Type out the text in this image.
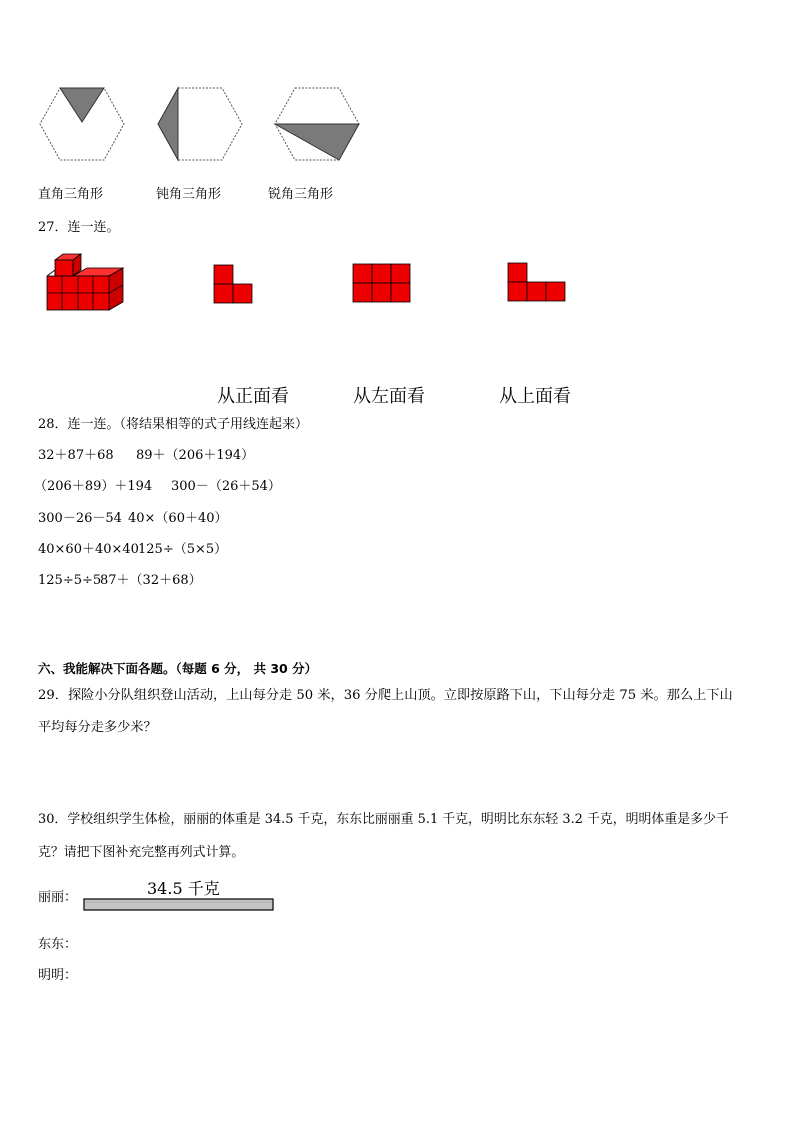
直角三角形	钝角三角形	锐角三角形
27．连一连。
从正面看	从左面看	从上面看
28．连一连。（将结果相等的式子用线连起来）
32＋87＋68 89＋（206＋194）
（206＋89）＋194 300－（26＋54）
300－26－54 40×（60＋40）
40×60＋40×40 125÷（5×5）
125÷5÷5
87＋（32＋68）
六、我能解决下面各题。（每题 6 分， 共 30 分）
29．探险小分队组织登山活动，上山每分走 50 米，36 分爬上山顶。立即按原路下山，下山每分走 75 米。那么上下山
平均每分走多少米？
30．学校组织学生体检，丽丽的体重是 34.5 千克，东东比丽丽重 5.1 千克，明明比东东轻 3.2 千克，明明体重是多少千
克？请把下图补充完整再列式计算。
34.5 千克
丽丽：
东东：
明明：
